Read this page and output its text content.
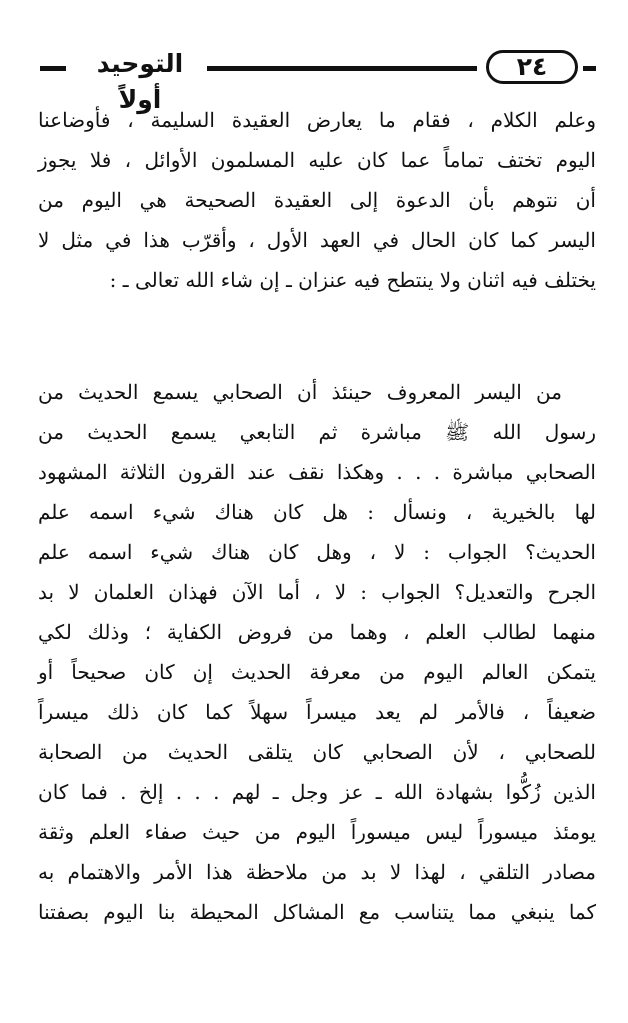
التوحيد أولاً
٢٤
وعلم الكلام ، فقام ما يعارض العقيدة السليمة ، فأوضاعنا
اليوم تختف تماماً عما كان عليه المسلمون الأوائل ، فلا يجوز
أن نتوهم بأن الدعوة إلى العقيدة الصحيحة هي اليوم من
اليسر كما كان الحال في العهد الأول ، وأقرّب هذا في مثل لا
يختلف فيه اثنان ولا ينتطح فيه عنزان ـ إن شاء الله تعالى ـ :
من اليسر المعروف حينئذ أن الصحابي يسمع الحديث من
رسول الله ﷺ مباشرة ثم التابعي يسمع الحديث من
الصحابي مباشرة . . . وهكذا نقف عند القرون الثلاثة المشهود
لها بالخيرية ، ونسأل : هل كان هناك شيء اسمه علم
الحديث؟ الجواب : لا ، وهل كان هناك شيء اسمه علم
الجرح والتعديل؟ الجواب : لا ، أما الآن فهذان العلمان لا بد
منهما لطالب العلم ، وهما من فروض الكفاية ؛ وذلك لكي
يتمكن العالم اليوم من معرفة الحديث إن كان صحيحاً أو
ضعيفاً ، فالأمر لم يعد ميسراً سهلاً كما كان ذلك ميسراً
للصحابي ، لأن الصحابي كان يتلقى الحديث من الصحابة
الذين زُكُّوا بشهادة الله ـ عز وجل ـ لهم . . . إلخ . فما كان
يومئذ ميسوراً ليس ميسوراً اليوم من حيث صفاء العلم وثقة
مصادر التلقي ، لهذا لا بد من ملاحظة هذا الأمر والاهتمام به
كما ينبغي مما يتناسب مع المشاكل المحيطة بنا اليوم بصفتنا
